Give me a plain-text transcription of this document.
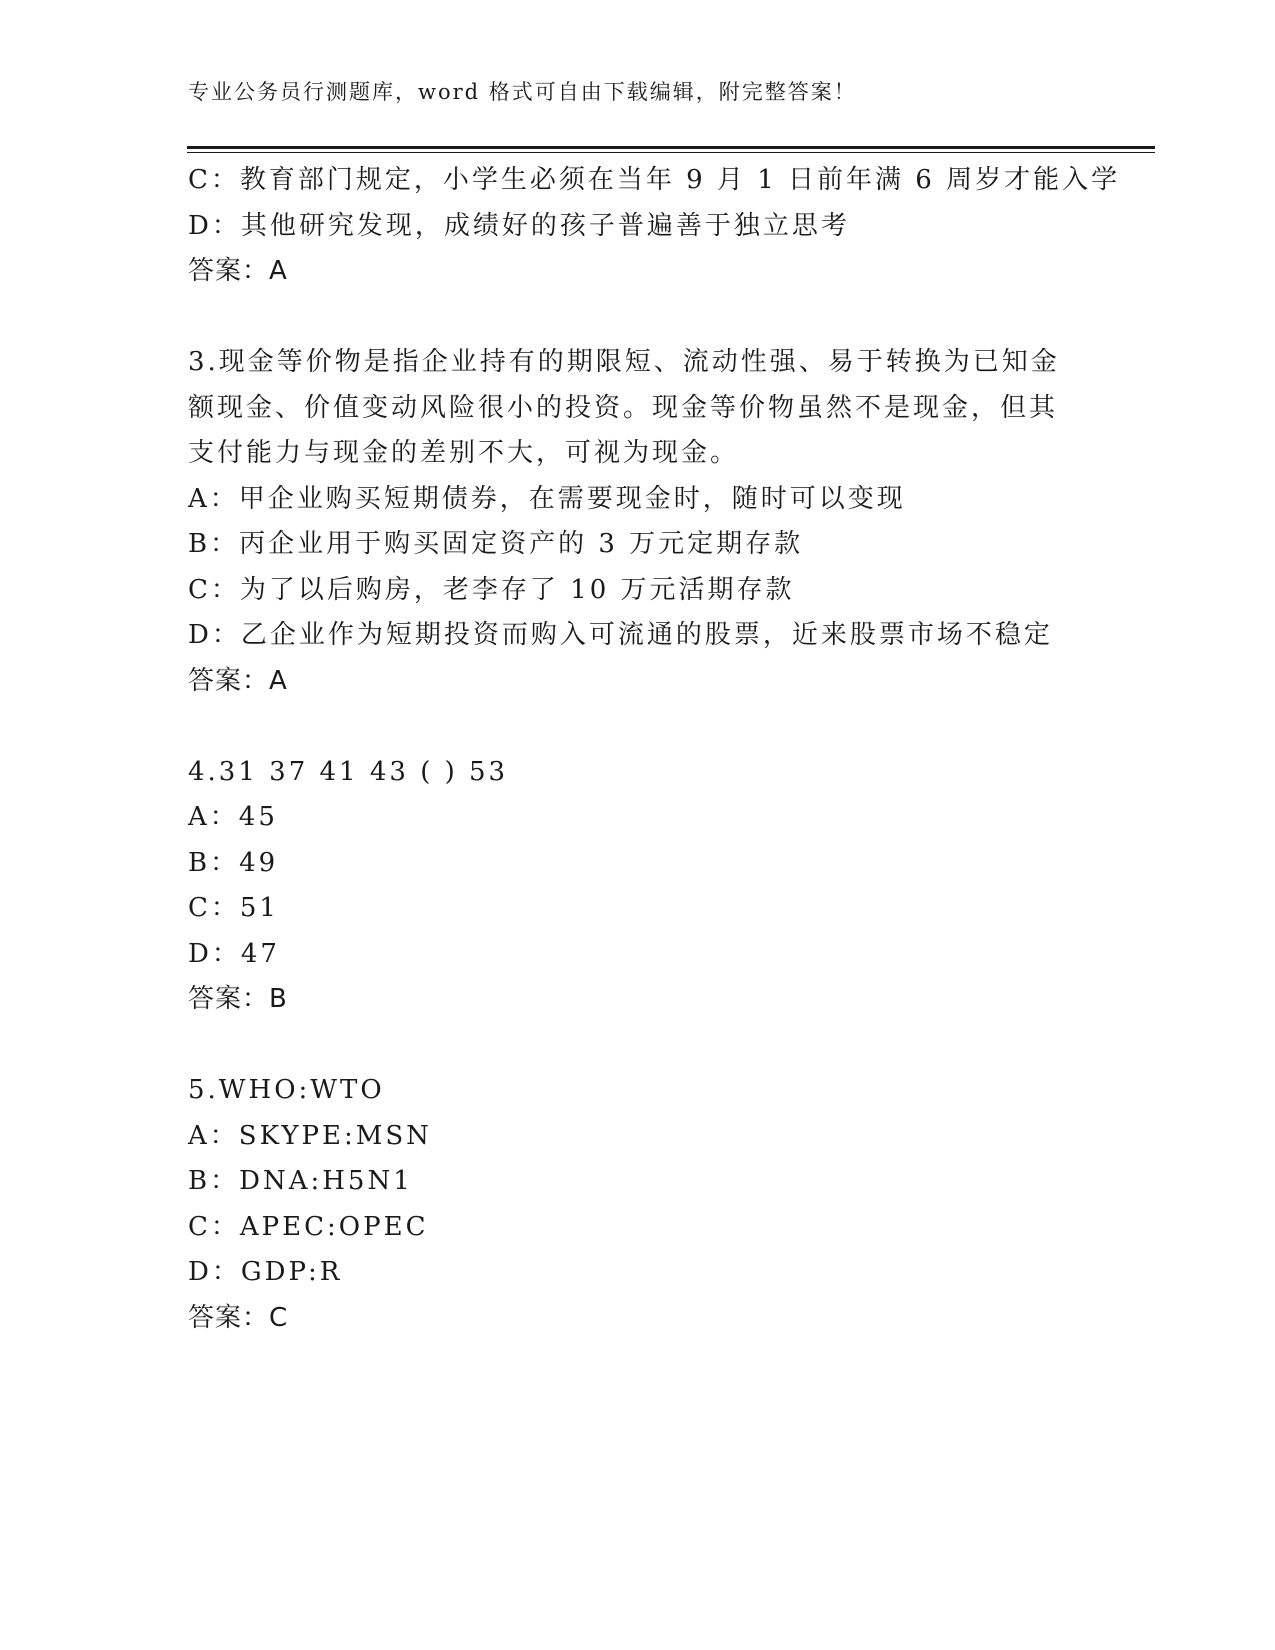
专业公务员行测题库，word 格式可自由下载编辑，附完整答案！
C：教育部门规定，小学生必须在当年 9 月 1 日前年满 6 周岁才能入学
D：其他研究发现，成绩好的孩子普遍善于独立思考
答案：A
3.现金等价物是指企业持有的期限短、流动性强、易于转换为已知金
额现金、价值变动风险很小的投资。现金等价物虽然不是现金，但其
支付能力与现金的差别不大，可视为现金。
A：甲企业购买短期债券，在需要现金时，随时可以变现
B：丙企业用于购买固定资产的 3 万元定期存款
C：为了以后购房，老李存了 10 万元活期存款
D：乙企业作为短期投资而购入可流通的股票，近来股票市场不稳定
答案：A
4.31 37 41 43 ( ) 53
A：45
B：49
C：51
D：47
答案：B
5.WHO:WTO
A：SKYPE:MSN
B：DNA:H5N1
C：APEC:OPEC
D：GDP:R
答案：C
